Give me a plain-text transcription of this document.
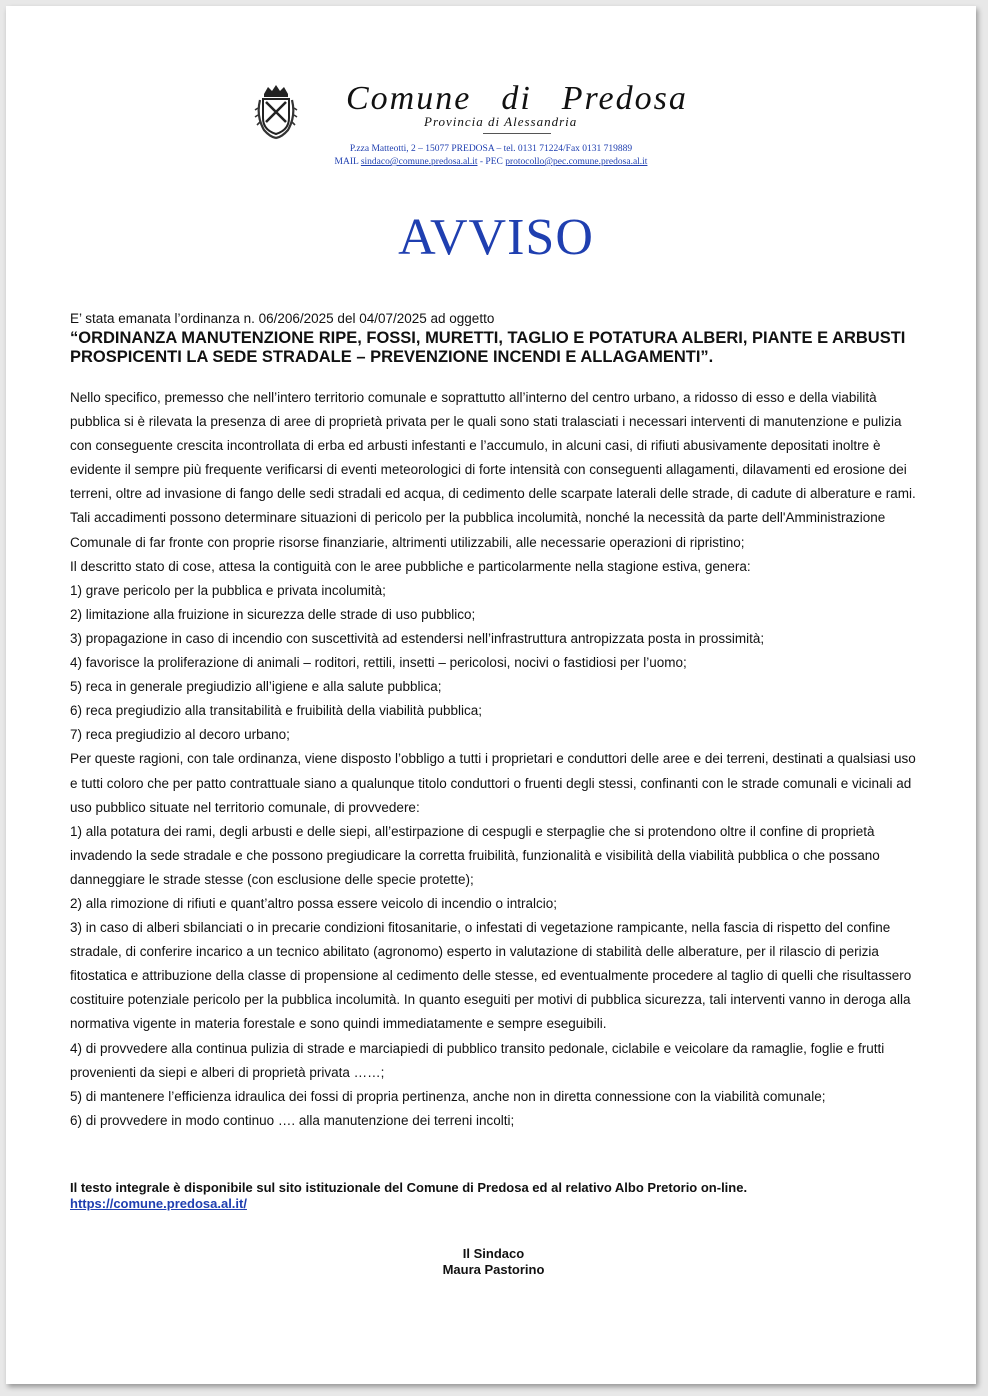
Comune di Predosa
Provincia di Alessandria
P.zza Matteotti, 2 – 15077 PREDOSA – tel. 0131 71224/Fax 0131 719889
MAIL sindaco@comune.predosa.al.it - PEC protocollo@pec.comune.predosa.al.it
AVVISO
E’ stata emanata l’ordinanza n. 06/206/2025 del 04/07/2025 ad oggetto
“ORDINANZA MANUTENZIONE RIPE, FOSSI, MURETTI, TAGLIO E POTATURA ALBERI, PIANTE E ARBUSTI PROSPICENTI LA SEDE STRADALE – PREVENZIONE INCENDI E ALLAGAMENTI”.

Nello specifico, premesso che nell’intero territorio comunale e soprattutto all’interno del centro urbano, a ridosso di esso e della viabilità pubblica si è rilevata la presenza di aree di proprietà privata per le quali sono stati tralasciati i necessari interventi di manutenzione e pulizia con conseguente crescita incontrollata di erba ed arbusti infestanti e l’accumulo, in alcuni casi, di rifiuti abusivamente depositati inoltre è evidente il sempre più frequente verificarsi di eventi meteorologici di forte intensità con conseguenti allagamenti, dilavamenti ed erosione dei terreni, oltre ad invasione di fango delle sedi stradali ed acqua, di cedimento delle scarpate laterali delle strade, di cadute di alberature e rami. Tali accadimenti possono determinare situazioni di pericolo per la pubblica incolumità, nonché la necessità da parte dell'Amministrazione Comunale di far fronte con proprie risorse finanziarie, altrimenti utilizzabili, alle necessarie operazioni di ripristino;

Il descritto stato di cose, attesa la contiguità con le aree pubbliche e particolarmente nella stagione estiva, genera:

1) grave pericolo per la pubblica e privata incolumità;

2) limitazione alla fruizione in sicurezza delle strade di uso pubblico;

3) propagazione in caso di incendio con suscettività ad estendersi nell’infrastruttura antropizzata posta in prossimità;

4) favorisce la proliferazione di animali – roditori, rettili, insetti – pericolosi, nocivi o fastidiosi per l’uomo;

5) reca in generale pregiudizio all’igiene e alla salute pubblica;

6) reca pregiudizio alla transitabilità e fruibilità della viabilità pubblica;

7) reca pregiudizio al decoro urbano;

Per queste ragioni, con tale ordinanza, viene disposto l’obbligo a tutti i proprietari e conduttori delle aree e dei terreni, destinati a qualsiasi uso e tutti coloro che per patto contrattuale siano a qualunque titolo conduttori o fruenti degli stessi, confinanti con le strade comunali e vicinali ad uso pubblico situate nel territorio comunale, di provvedere:

1) alla potatura dei rami, degli arbusti e delle siepi, all’estirpazione di cespugli e sterpaglie che si protendono oltre il confine di proprietà invadendo la sede stradale e che possono pregiudicare la corretta fruibilità, funzionalità e visibilità della viabilità pubblica o che possano danneggiare le strade stesse (con esclusione delle specie protette);

2) alla rimozione di rifiuti e quant’altro possa essere veicolo di incendio o intralcio;

3) in caso di alberi sbilanciati o in precarie condizioni fitosanitarie, o infestati di vegetazione rampicante, nella fascia di rispetto del confine stradale, di conferire incarico a un tecnico abilitato (agronomo) esperto in valutazione di stabilità delle alberature, per il rilascio di perizia fitostatica e attribuzione della classe di propensione al cedimento delle stesse, ed eventualmente procedere al taglio di quelli che risultassero costituire potenziale pericolo per la pubblica incolumità. In quanto eseguiti per motivi di pubblica sicurezza, tali interventi vanno in deroga alla normativa vigente in materia forestale e sono quindi immediatamente e sempre eseguibili.

4) di provvedere alla continua pulizia di strade e marciapiedi di pubblico transito pedonale, ciclabile e veicolare da ramaglie, foglie e frutti provenienti da siepi e alberi di proprietà privata ……;

5) di mantenere l’efficienza idraulica dei fossi di propria pertinenza, anche non in diretta connessione con la viabilità comunale;

6) di provvedere in modo continuo …. alla manutenzione dei terreni incolti;

Il testo integrale è disponibile sul sito istituzionale del Comune di Predosa ed al relativo Albo Pretorio on-line.
https://comune.predosa.al.it/
Il Sindaco
Maura Pastorino
